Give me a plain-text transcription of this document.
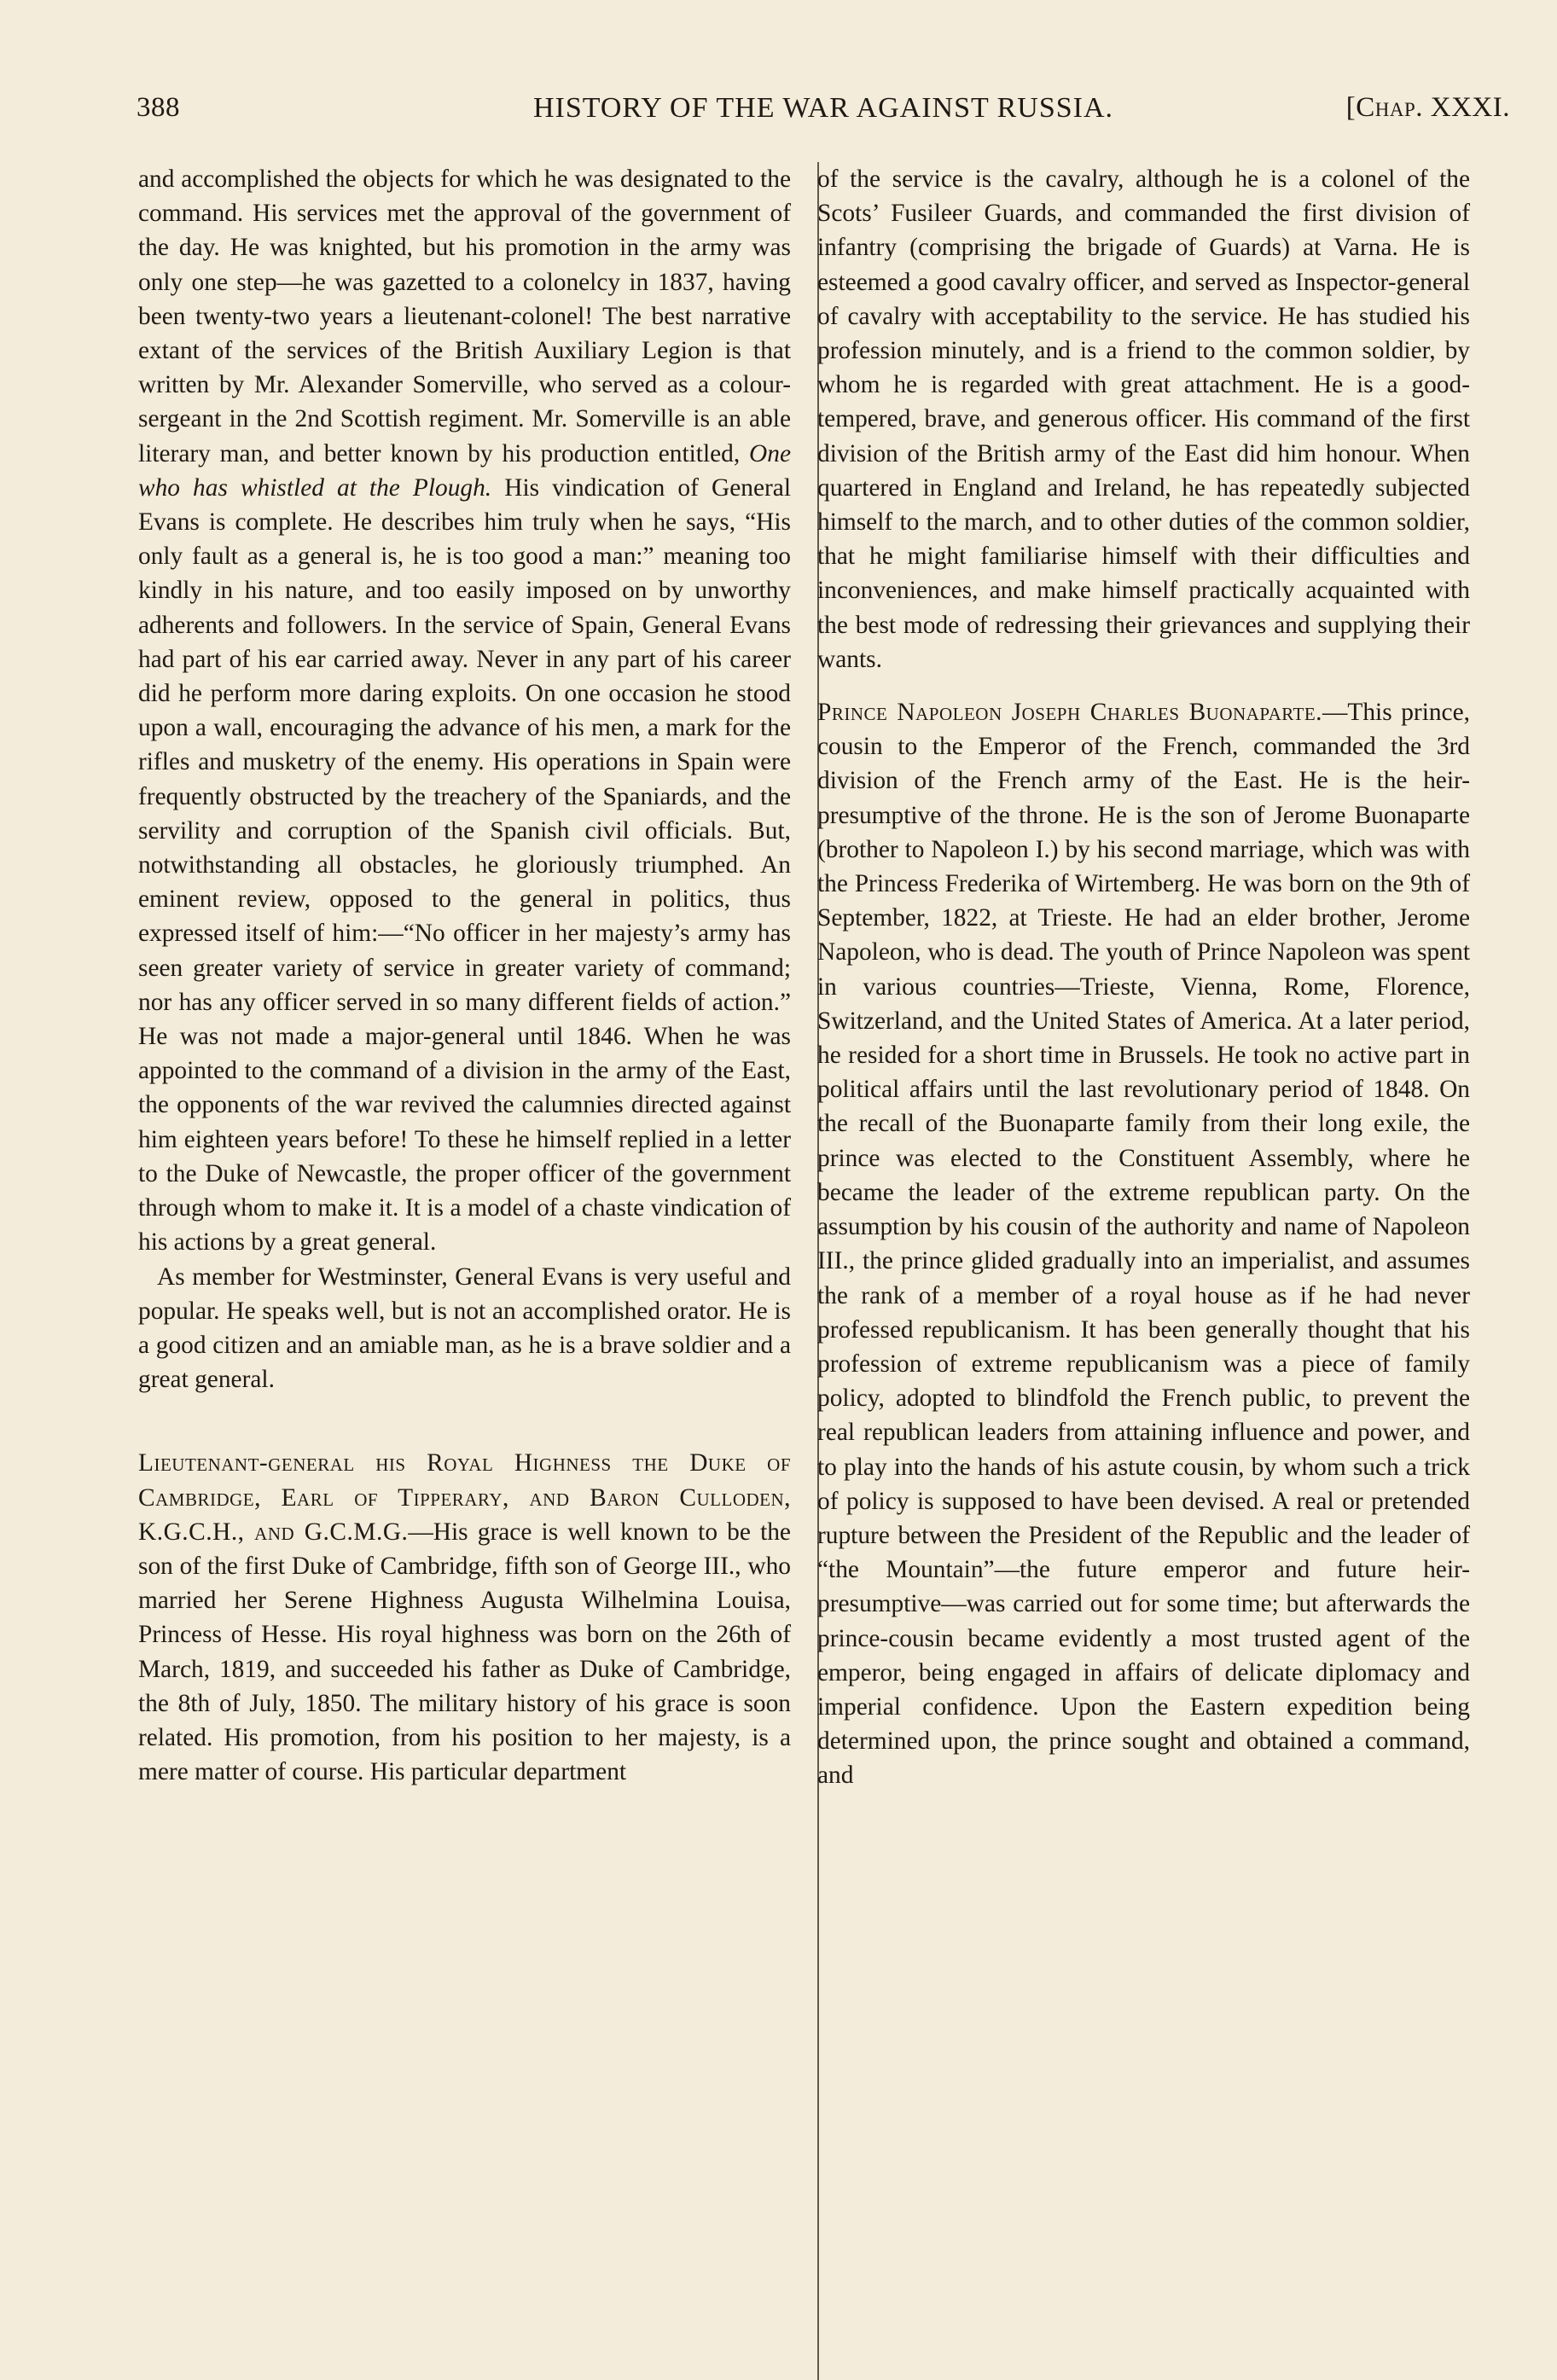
388	HISTORY OF THE WAR AGAINST RUSSIA.	[Chap. XXXI.

and accomplished the objects for which he was designated to the command. His services met the approval of the government of the day. He was knighted, but his promotion in the army was only one step—he was gazetted to a colonelcy in 1837, having been twenty-two years a lieutenant-colonel! The best narrative extant of the services of the British Auxiliary Legion is that written by Mr. Alexander Somerville, who served as a colour-sergeant in the 2nd Scottish regiment. Mr. Somerville is an able literary man, and better known by his production entitled, One who has whistled at the Plough. His vindication of General Evans is complete. He describes him truly when he says, “His only fault as a general is, he is too good a man:” meaning too kindly in his nature, and too easily imposed on by unworthy adherents and followers. In the service of Spain, General Evans had part of his ear carried away. Never in any part of his career did he perform more daring exploits. On one occasion he stood upon a wall, encouraging the advance of his men, a mark for the rifles and musketry of the enemy. His operations in Spain were frequently obstructed by the treachery of the Spaniards, and the servility and corruption of the Spanish civil officials. But, notwithstanding all obstacles, he gloriously triumphed. An eminent review, opposed to the general in politics, thus expressed itself of him:—“No officer in her majesty’s army has seen greater variety of service in greater variety of command; nor has any officer served in so many different fields of action.” He was not made a major-general until 1846. When he was appointed to the command of a division in the army of the East, the opponents of the war revived the calumnies directed against him eighteen years before! To these he himself replied in a letter to the Duke of Newcastle, the proper officer of the government through whom to make it. It is a model of a chaste vindication of his actions by a great general.

As member for Westminster, General Evans is very useful and popular. He speaks well, but is not an accomplished orator. He is a good citizen and an amiable man, as he is a brave soldier and a great general.

Lieutenant-general his Royal Highness the Duke of Cambridge, Earl of Tipperary, and Baron Culloden, K.G.C.H., and G.C.M.G.—His grace is well known to be the son of the first Duke of Cambridge, fifth son of George III., who married her Serene Highness Augusta Wilhelmina Louisa, Princess of Hesse. His royal highness was born on the 26th of March, 1819, and succeeded his father as Duke of Cambridge, the 8th of July, 1850. The military history of his grace is soon related. His promotion, from his position to her majesty, is a mere matter of course. His particular department

of the service is the cavalry, although he is a colonel of the Scots’ Fusileer Guards, and commanded the first division of infantry (comprising the brigade of Guards) at Varna. He is esteemed a good cavalry officer, and served as Inspector-general of cavalry with acceptability to the service. He has studied his profession minutely, and is a friend to the common soldier, by whom he is regarded with great attachment. He is a good-tempered, brave, and generous officer. His command of the first division of the British army of the East did him honour. When quartered in England and Ireland, he has repeatedly subjected himself to the march, and to other duties of the common soldier, that he might familiarise himself with their difficulties and inconveniences, and make himself practically acquainted with the best mode of redressing their grievances and supplying their wants.

Prince Napoleon Joseph Charles Buonaparte.—This prince, cousin to the Emperor of the French, commanded the 3rd division of the French army of the East. He is the heir-presumptive of the throne. He is the son of Jerome Buonaparte (brother to Napoleon I.) by his second marriage, which was with the Princess Frederika of Wirtemberg. He was born on the 9th of September, 1822, at Trieste. He had an elder brother, Jerome Napoleon, who is dead. The youth of Prince Napoleon was spent in various countries—Trieste, Vienna, Rome, Florence, Switzerland, and the United States of America. At a later period, he resided for a short time in Brussels. He took no active part in political affairs until the last revolutionary period of 1848. On the recall of the Buonaparte family from their long exile, the prince was elected to the Constituent Assembly, where he became the leader of the extreme republican party. On the assumption by his cousin of the authority and name of Napoleon III., the prince glided gradually into an imperialist, and assumes the rank of a member of a royal house as if he had never professed republicanism. It has been generally thought that his profession of extreme republicanism was a piece of family policy, adopted to blindfold the French public, to prevent the real republican leaders from attaining influence and power, and to play into the hands of his astute cousin, by whom such a trick of policy is supposed to have been devised. A real or pretended rupture between the President of the Republic and the leader of “the Mountain”—the future emperor and future heir-presumptive—was carried out for some time; but afterwards the prince-cousin became evidently a most trusted agent of the emperor, being engaged in affairs of delicate diplomacy and imperial confidence. Upon the Eastern expedition being determined upon, the prince sought and obtained a command, and
